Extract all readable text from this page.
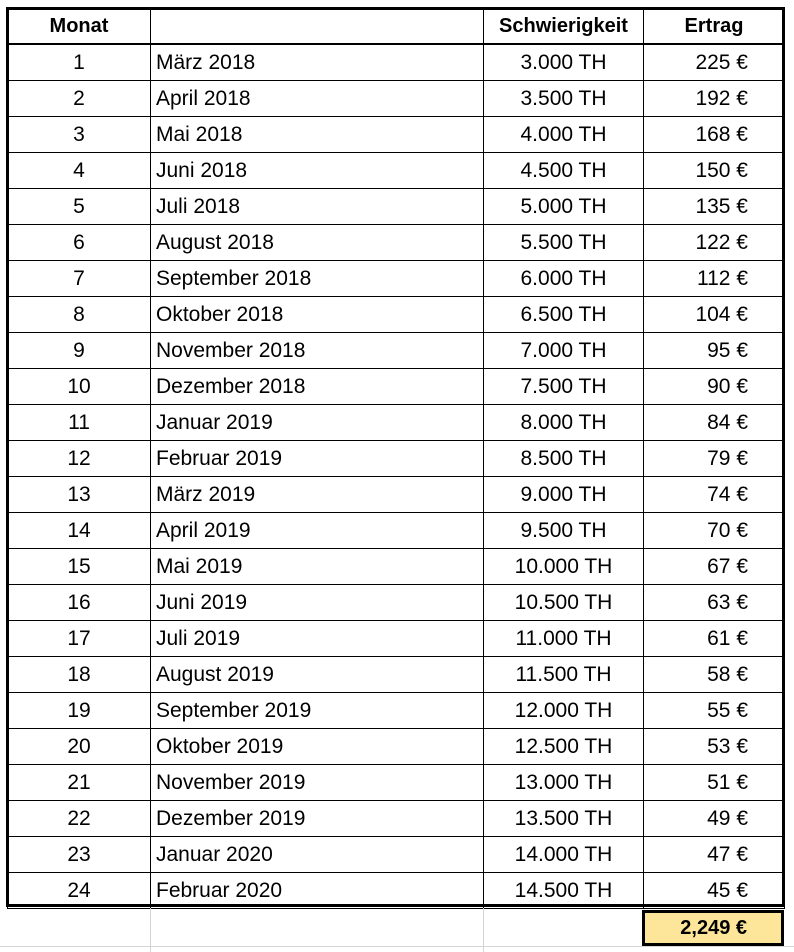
Monat		Schwierigkeit	Ertrag
1	März 2018	3.000 TH	225 €
2	April 2018	3.500 TH	192 €
3	Mai 2018	4.000 TH	168 €
4	Juni 2018	4.500 TH	150 €
5	Juli 2018	5.000 TH	135 €
6	August 2018	5.500 TH	122 €
7	September 2018	6.000 TH	112 €
8	Oktober 2018	6.500 TH	104 €
9	November 2018	7.000 TH	95 €
10	Dezember 2018	7.500 TH	90 €
11	Januar 2019	8.000 TH	84 €
12	Februar 2019	8.500 TH	79 €
13	März 2019	9.000 TH	74 €
14	April 2019	9.500 TH	70 €
15	Mai 2019	10.000 TH	67 €
16	Juni 2019	10.500 TH	63 €
17	Juli 2019	11.000 TH	61 €
18	August 2019	11.500 TH	58 €
19	September 2019	12.000 TH	55 €
20	Oktober 2019	12.500 TH	53 €
21	November 2019	13.000 TH	51 €
22	Dezember 2019	13.500 TH	49 €
23	Januar 2020	14.000 TH	47 €
24	Februar 2020	14.500 TH	45 €
2,249 €
